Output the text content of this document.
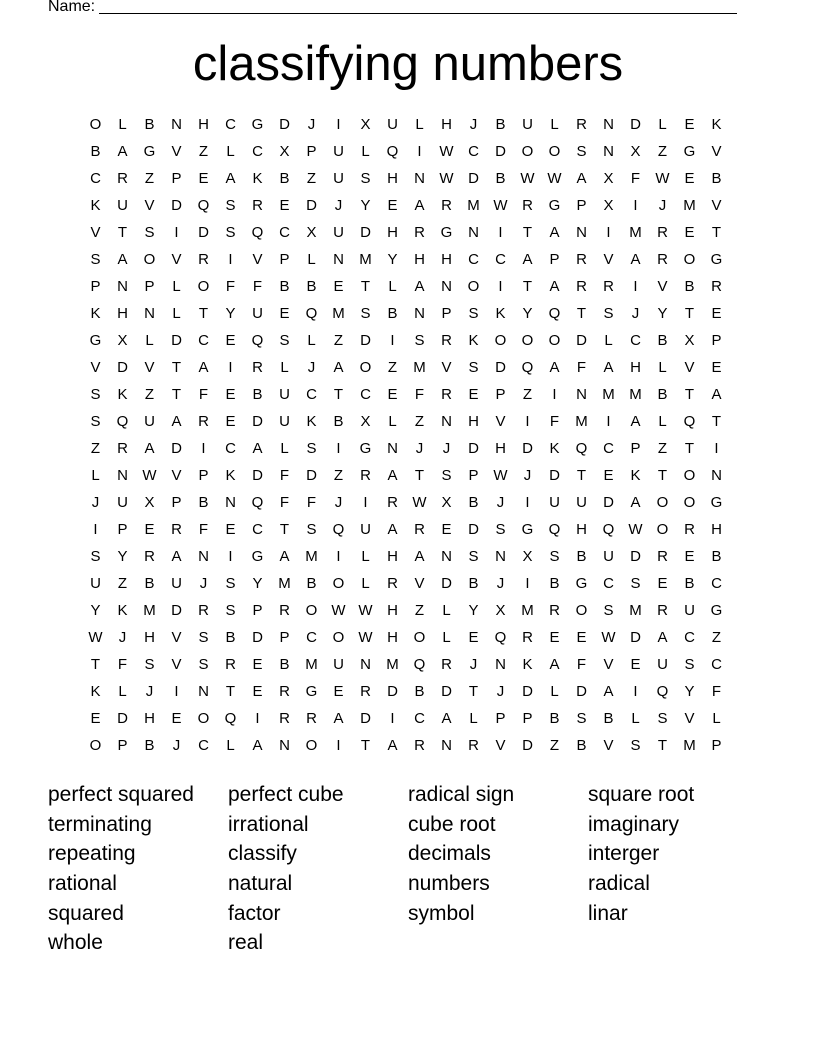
Name:
classifying numbers
O	L	B	N	H	C	G	D	J	I	X	U	L	H	J	B	U	L	R	N	D	L	E	K
B	A	G	V	Z	L	C	X	P	U	L	Q	I	W C	D	O	O	S	N	X	Z	G	V
C	R	Z	P	E	A	K	B	Z	U	S	H	N W D	B W W A	X	F	W E	B
K	U	V	D	Q	S	R	E	D	J	Y	E	A	R	M W R	G	P	X	I	J	M	V
V	T	S	I	D	S	Q	C	X	U	D	H	R	G	N	I	T	A	N	I	M	R	E	T
S	A	O	V	R	I	V	P	L	N	M	Y	H	H	C	C	A	P	R	V	A	R	O	G
P	N	P	L	O	F	F	B	B	E	T	L	A	N	O	I	T	A	R	R	I	V	B	R
K	H	N	L	T	Y	U	E	Q M	S	B	N	P	S	K	Y	Q	T	S	J	Y	T	E
G	X	L	D	C	E	Q	S	L	Z	D	I	S	R	K	O	O	O	D	L	C	B	X	P
V	D	V	T	A	I	R	L	J	A	O	Z	M	V	S	D	Q	A	F	A	H	L	V	E
S	K	Z	T	F	E	B	U	C	T	C	E	F	R	E	P	Z	I	N	M M	B	T	A
S	Q	U	A	R	E	D	U	K	B	X	L	Z	N	H	V	I	F	M	I	A	L	Q	T
Z	R	A	D	I	C	A	L	S	I	G	N	J	J	D	H	D	K	Q	C	P	Z	T	I
L	N W V	P	K	D	F	D	Z	R	A	T	S	P W	J	D	T	E	K	T	O	N
J	U	X	P	B	N	Q	F	F	J	I	R W X	B	J	I	U	U	D	A	O	O	G
I	P	E	R	F	E	C	T	S	Q	U	A	R	E	D	S	G	Q	H	Q W O	R	H
S	Y	R	A	N	I	G	A	M	I	L	H	A	N	S	N	X	S	B	U	D	R	E	B
U	Z	B	U	J	S	Y	M	B	O	L	R	V	D	B	J	I	B	G	C	S	E	B	C
Y	K	M	D	R	S	P	R	O W W H	Z	L	Y	X	M	R	O	S	M	R	U	G
W	J	H	V	S	B	D	P	C	O W H	O	L	E	Q	R	E	E W D	A	C	Z
T	F	S	V	S	R	E	B	M	U	N	M Q	R	J	N	K	A	F	V	E	U	S	C
K	L	J	I	N	T	E	R	G	E	R	D	B	D	T	J	D	L	D	A	I	Q	Y	F
E	D	H	E	O	Q	I	R	R	A	D	I	C	A	L	P	P	B	S	B	L	S	V	L
O	P	B	J	C	L	A	N	O	I	T	A	R	N	R	V	D	Z	B	V	S	T	M	P
perfect squared	perfect cube	radical sign	square root
terminating	irrational	cube root	imaginary
repeating	classify	decimals	interger
rational	natural	numbers	radical
squared	factor	symbol	linar
whole	real
